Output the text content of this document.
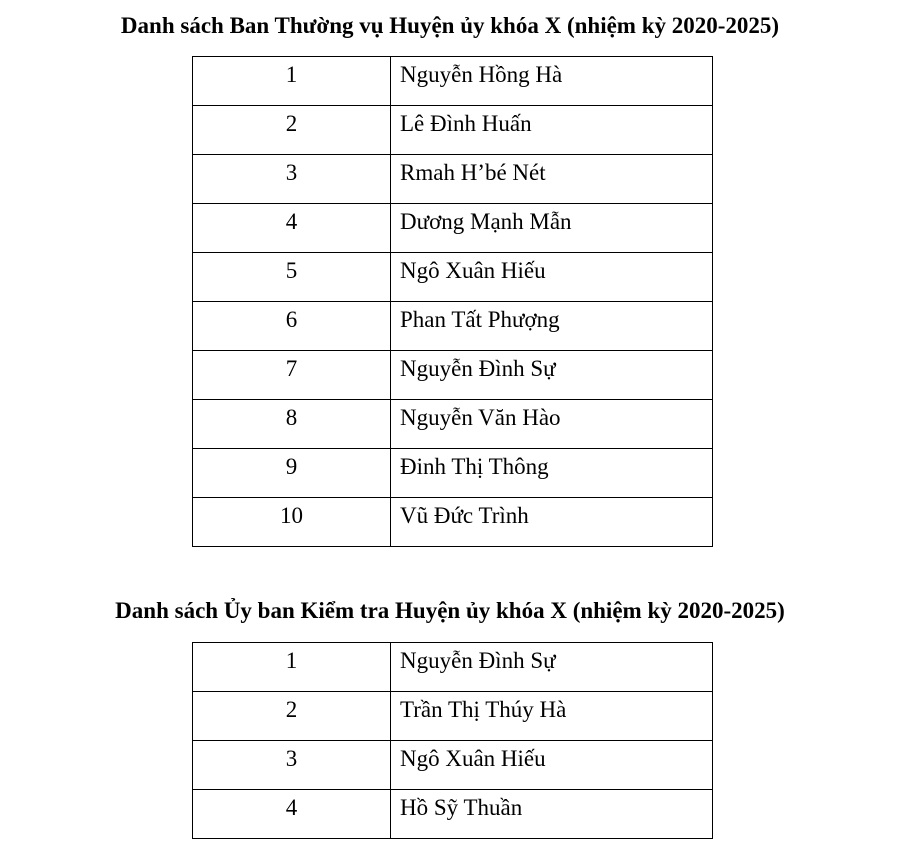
Danh sách Ban Thường vụ Huyện ủy khóa X (nhiệm kỳ 2020-2025)
1	Nguyễn Hồng Hà
2	Lê Đình Huấn
3	Rmah H’bé Nét
4	Dương Mạnh Mẫn
5	Ngô Xuân Hiếu
6	Phan Tất Phượng
7	Nguyễn Đình Sự
8	Nguyễn Văn Hào
9	Đinh Thị Thông
10	Vũ Đức Trình
Danh sách Ủy ban Kiểm tra Huyện ủy khóa X (nhiệm kỳ 2020-2025)
1	Nguyễn Đình Sự
2	Trần Thị Thúy Hà
3	Ngô Xuân Hiếu
4	Hồ Sỹ Thuần
